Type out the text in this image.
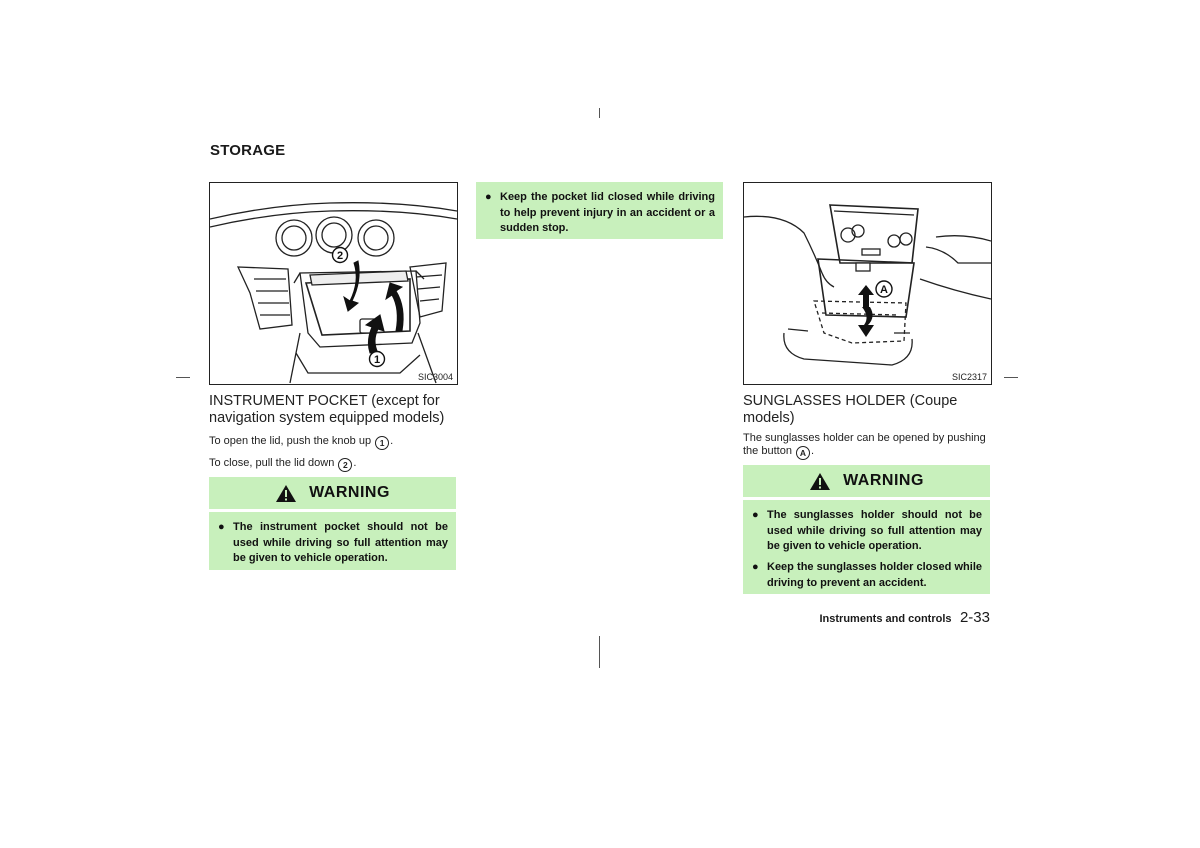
STORAGE
2
1
SIC3004
INSTRUMENT POCKET (except for navigation system equipped models)
To open the lid, push the knob up 1 .
To close, pull the lid down 2 .
WARNING
● The instrument pocket should not be used while driving so full attention may be given to vehicle operation.
● Keep the pocket lid closed while driving to help prevent injury in an accident or a sudden stop.
A
SIC2317
SUNGLASSES HOLDER (Coupe models)
The sunglasses holder can be opened by pushing the button A .
WARNING
● The sunglasses holder should not be used while driving so full attention may be given to vehicle operation.
● Keep the sunglasses holder closed while driving to prevent an accident.
Instruments and controls 2-33
